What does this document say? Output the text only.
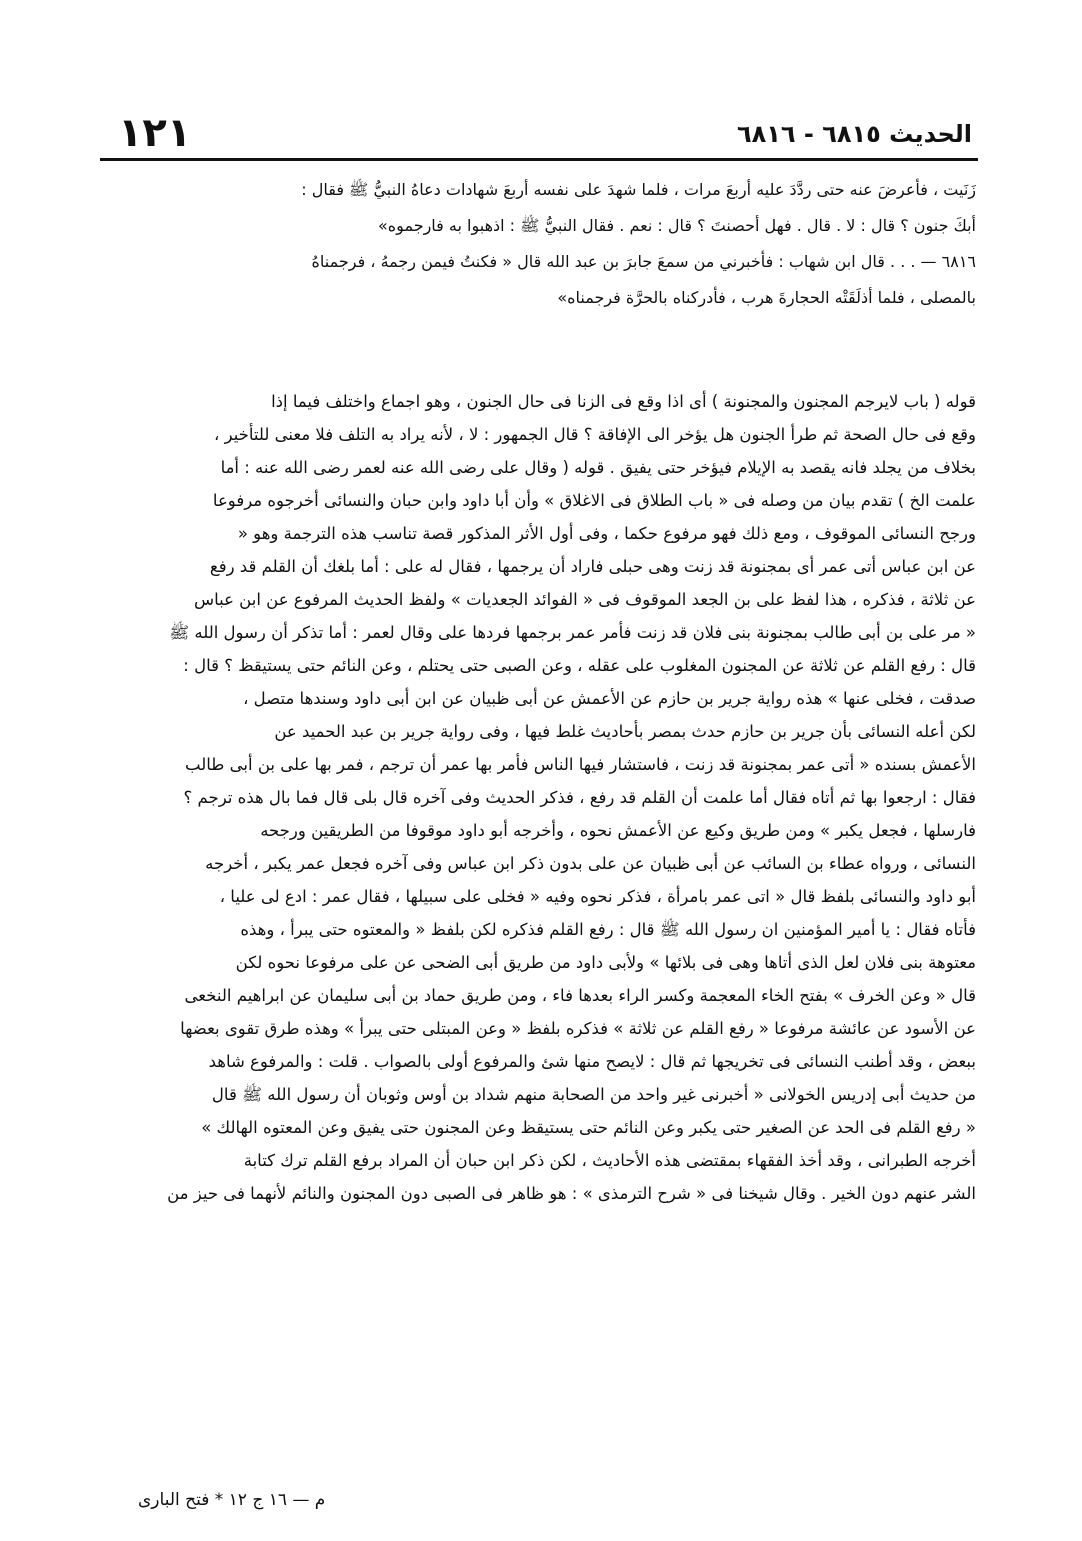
١٢١	الحديث ٦٨١٥ - ٦٨١٦
زَنَيت ، فأعرضَ عنه حتى ردَّدَ عليه أربعَ مرات ، فلما شهدَ على نفسه أربعَ شهادات دعاهُ النبيُّ ﷺ فقال :
أبكَ جنون ؟ قال : لا . قال . فهل أحصنتَ ؟ قال : نعم . فقال النبيُّ ﷺ : اذهبوا به فارجموه»
٦٨١٦ — . . . قال ابن شهاب : فأخبرني من سمعَ جابرَ بن عبد الله قال « فكنتُ فيمن رجمهُ ، فرجمناهُ
بالمصلى ، فلما أذلَقَتْه الحجارةَ هرب ، فأدركناه بالحرَّة فرجمناه»
قوله ( باب لايرجم المجنون والمجنونة ) أى اذا وقع فى الزنا فى حال الجنون ، وهو اجماع واختلف فيما إذا
وقع فى حال الصحة ثم طرأ الجنون هل يؤخر الى الإفاقة ؟ قال الجمهور : لا ، لأنه يراد به التلف فلا معنى للتأخير ،
بخلاف من يجلد فانه يقصد به الإيلام فيؤخر حتى يفيق . قوله ( وقال على رضى الله عنه لعمر رضى الله عنه : أما
علمت الخ ) تقدم بيان من وصله فى « باب الطلاق فى الاغلاق » وأن أبا داود وابن حبان والنسائى أخرجوه مرفوعا
ورجح النسائى الموقوف ، ومع ذلك فهو مرفوع حكما ، وفى أول الأثر المذكور قصة تناسب هذه الترجمة وهو «
عن ابن عباس أتى عمر أى بمجنونة قد زنت وهى حبلى فاراد أن يرجمها ، فقال له على : أما بلغك أن القلم قد رفع
عن ثلاثة ، فذكره ، هذا لفظ على بن الجعد الموقوف فى « الفوائد الجعديات » ولفظ الحديث المرفوع عن ابن عباس
« مر على بن أبى طالب بمجنونة بنى فلان قد زنت فأمر عمر برجمها فردها على وقال لعمر : أما تذكر أن رسول الله ﷺ
قال : رفع القلم عن ثلاثة عن المجنون المغلوب على عقله ، وعن الصبى حتى يحتلم ، وعن النائم حتى يستيقظ ؟ قال :
صدقت ، فخلى عنها » هذه رواية جرير بن حازم عن الأعمش عن أبى ظبيان عن ابن أبى داود وسندها متصل ،
لكن أعله النسائى بأن جرير بن حازم حدث بمصر بأحاديث غلط فيها ، وفى رواية جرير بن عبد الحميد عن
الأعمش بسنده « أتى عمر بمجنونة قد زنت ، فاستشار فيها الناس فأمر بها عمر أن ترجم ، فمر بها على بن أبى طالب
فقال : ارجعوا بها ثم أتاه فقال أما علمت أن القلم قد رفع ، فذكر الحديث وفى آخره قال بلى قال فما بال هذه ترجم ؟
فارسلها ، فجعل يكبر » ومن طريق وكيع عن الأعمش نحوه ، وأخرجه أبو داود موقوفا من الطريقين ورجحه
النسائى ، ورواه عطاء بن السائب عن أبى ظبيان عن على بدون ذكر ابن عباس وفى آخره فجعل عمر يكبر ، أخرجه
أبو داود والنسائى بلفظ قال « اتى عمر بامرأة ، فذكر نحوه وفيه « فخلى على سبيلها ، فقال عمر : ادع لى عليا ،
فأتاه فقال : يا أمير المؤمنين ان رسول الله ﷺ قال : رفع القلم فذكره لكن بلفظ « والمعتوه حتى يبرأ ، وهذه
معتوهة بنى فلان لعل الذى أتاها وهى فى بلائها » ولأبى داود من طريق أبى الضحى عن على مرفوعا نحوه لكن
قال « وعن الخرف » بفتح الخاء المعجمة وكسر الراء بعدها فاء ، ومن طريق حماد بن أبى سليمان عن ابراهيم النخعى
عن الأسود عن عائشة مرفوعا « رفع القلم عن ثلاثة » فذكره بلفظ « وعن المبتلى حتى يبرأ » وهذه طرق تقوى بعضها
ببعض ، وقد أطنب النسائى فى تخريجها ثم قال : لايصح منها شئ والمرفوع أولى بالصواب . قلت : والمرفوع شاهد
من حديث أبى إدريس الخولانى « أخبرنى غير واحد من الصحابة منهم شداد بن أوس وثوبان أن رسول الله ﷺ قال
« رفع القلم فى الحد عن الصغير حتى يكبر وعن النائم حتى يستيقظ وعن المجنون حتى يفيق وعن المعتوه الهالك »
أخرجه الطبرانى ، وقد أخذ الفقهاء بمقتضى هذه الأحاديث ، لكن ذكر ابن حبان أن المراد برفع القلم ترك كتابة
الشر عنهم دون الخير . وقال شيخنا فى « شرح الترمذى » : هو ظاهر فى الصبى دون المجنون والنائم لأنهما فى حيز من
م — ١٦ ج ١٢ * فتح البارى
